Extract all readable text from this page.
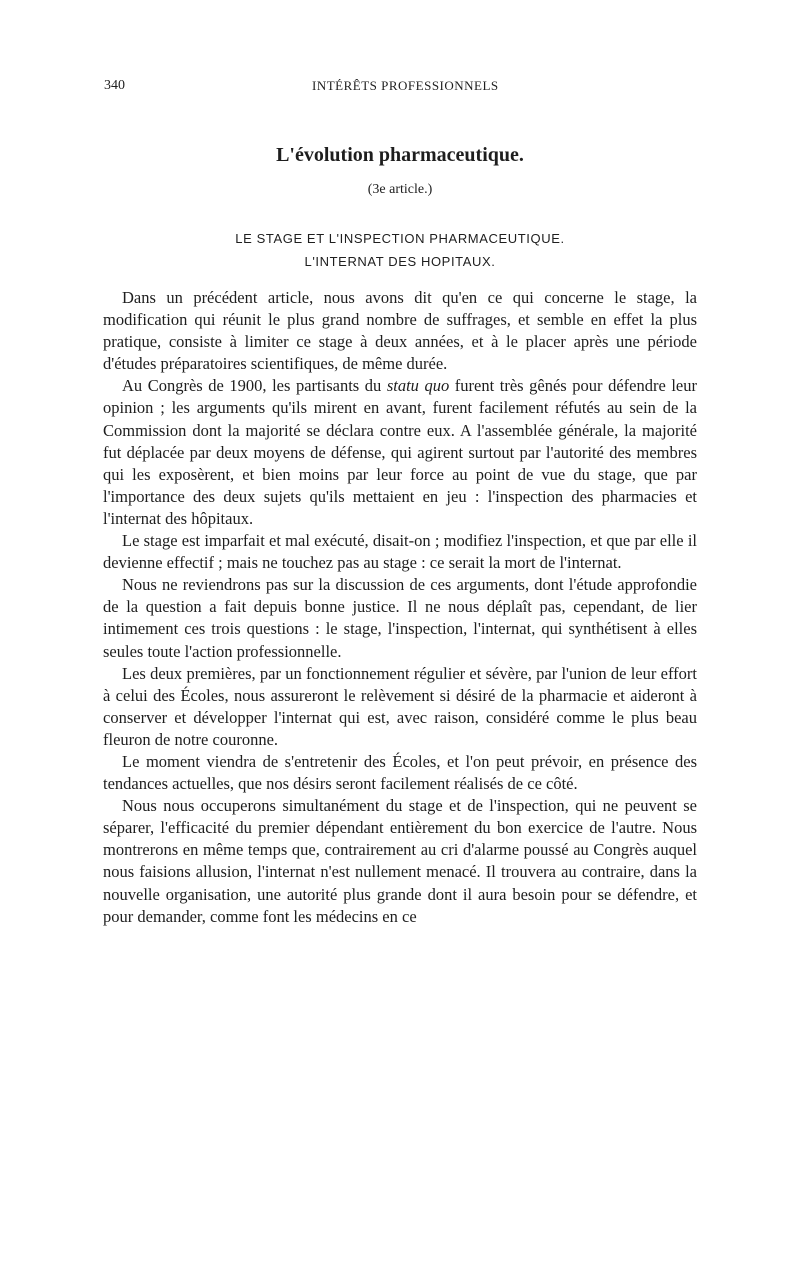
340	INTÉRÊTS PROFESSIONNELS
L'évolution pharmaceutique.
(3e article.)
LE STAGE ET L'INSPECTION PHARMACEUTIQUE.
L'INTERNAT DES HOPITAUX.

Dans un précédent article, nous avons dit qu'en ce qui concerne le stage, la modification qui réunit le plus grand nombre de suffrages, et semble en effet la plus pratique, consiste à limiter ce stage à deux années, et à le placer après une période d'études préparatoires scientifiques, de même durée.

Au Congrès de 1900, les partisants du statu quo furent très gênés pour défendre leur opinion ; les arguments qu'ils mirent en avant, furent facilement réfutés au sein de la Commission dont la majorité se déclara contre eux. A l'assemblée générale, la majorité fut déplacée par deux moyens de défense, qui agirent surtout par l'autorité des membres qui les exposèrent, et bien moins par leur force au point de vue du stage, que par l'importance des deux sujets qu'ils mettaient en jeu : l'inspection des pharmacies et l'internat des hôpitaux.

Le stage est imparfait et mal exécuté, disait-on ; modifiez l'inspection, et que par elle il devienne effectif ; mais ne touchez pas au stage : ce serait la mort de l'internat.

Nous ne reviendrons pas sur la discussion de ces arguments, dont l'étude approfondie de la question a fait depuis bonne justice. Il ne nous déplaît pas, cependant, de lier intimement ces trois questions : le stage, l'inspection, l'internat, qui synthétisent à elles seules toute l'action professionnelle.

Les deux premières, par un fonctionnement régulier et sévère, par l'union de leur effort à celui des Écoles, nous assureront le relèvement si désiré de la pharmacie et aideront à conserver et développer l'internat qui est, avec raison, considéré comme le plus beau fleuron de notre couronne.

Le moment viendra de s'entretenir des Écoles, et l'on peut prévoir, en présence des tendances actuelles, que nos désirs seront facilement réalisés de ce côté.

Nous nous occuperons simultanément du stage et de l'inspection, qui ne peuvent se séparer, l'efficacité du premier dépendant entièrement du bon exercice de l'autre. Nous montrerons en même temps que, contrairement au cri d'alarme poussé au Congrès auquel nous faisions allusion, l'internat n'est nullement menacé. Il trouvera au contraire, dans la nouvelle organisation, une autorité plus grande dont il aura besoin pour se défendre, et pour demander, comme font les médecins en ce
